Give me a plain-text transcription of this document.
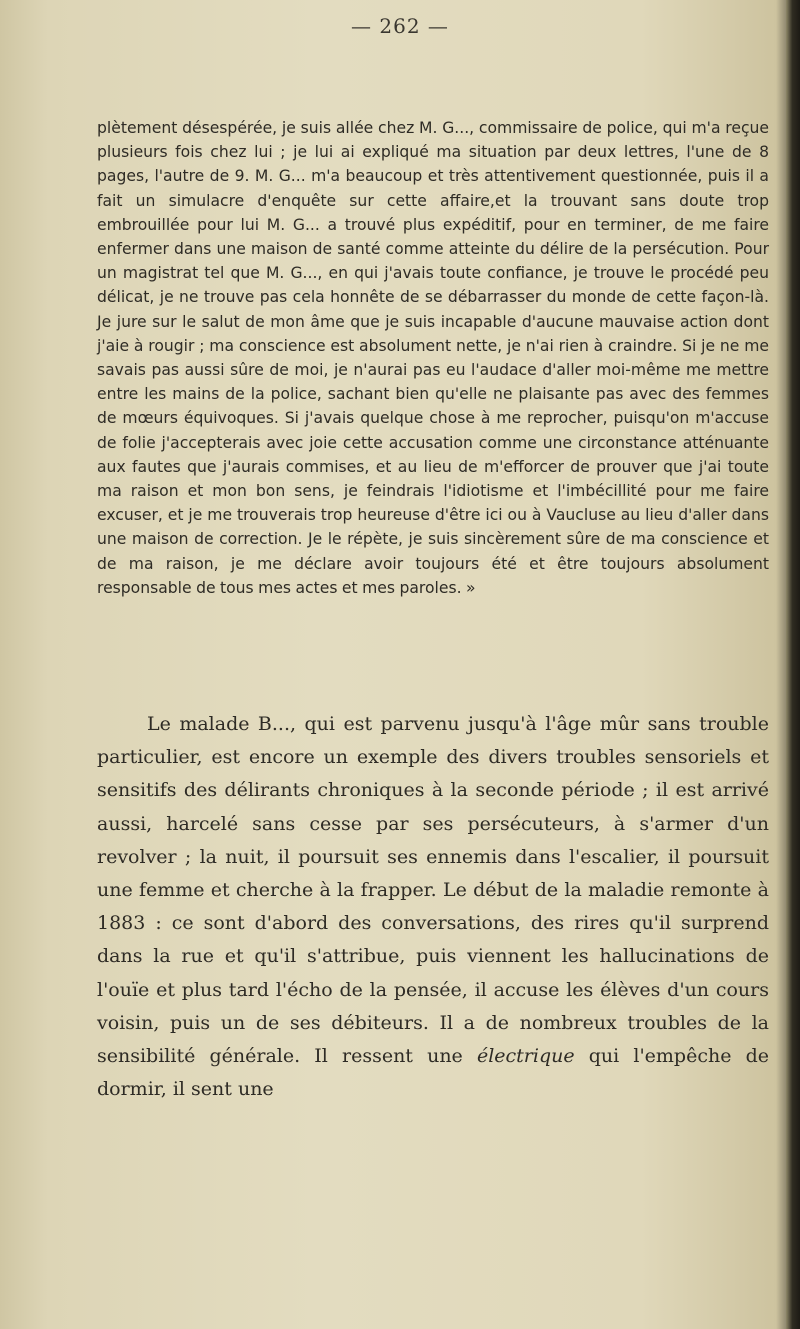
— 262 —

plètement désespérée, je suis allée chez M. G..., commissaire de police, qui m'a reçue plusieurs fois chez lui ; je lui ai expliqué ma situation par deux lettres, l'une de 8 pages, l'autre de 9. M. G... m'a beaucoup et très attentivement questionnée, puis il a fait un simulacre d'enquête sur cette affaire,et la trouvant sans doute trop embrouillée pour lui M. G... a trouvé plus expéditif, pour en terminer, de me faire enfermer dans une maison de santé comme atteinte du délire de la persécution. Pour un magistrat tel que M. G..., en qui j'avais toute confiance, je trouve le procédé peu délicat, je ne trouve pas cela honnête de se débarrasser du monde de cette façon-là. Je jure sur le salut de mon âme que je suis incapable d'aucune mauvaise action dont j'aie à rougir ; ma conscience est absolument nette, je n'ai rien à craindre. Si je ne me savais pas aussi sûre de moi, je n'aurai pas eu l'audace d'aller moi-même me mettre entre les mains de la police, sachant bien qu'elle ne plaisante pas avec des femmes de mœurs équivoques. Si j'avais quelque chose à me reprocher, puisqu'on m'accuse de folie j'accepterais avec joie cette accusation comme une circonstance atténuante aux fautes que j'aurais commises, et au lieu de m'efforcer de prouver que j'ai toute ma raison et mon bon sens, je feindrais l'idiotisme et l'imbécillité pour me faire excuser, et je me trouverais trop heureuse d'être ici ou à Vaucluse au lieu d'aller dans une maison de correction. Je le répète, je suis sincèrement sûre de ma conscience et de ma raison, je me déclare avoir toujours été et être toujours absolument responsable de tous mes actes et mes paroles. »

Le malade B..., qui est parvenu jusqu'à l'âge mûr sans trouble particulier, est encore un exemple des divers troubles sensoriels et sensitifs des délirants chroniques à la seconde période ; il est arrivé aussi, harcelé sans cesse par ses persécuteurs, à s'armer d'un revolver ; la nuit, il poursuit ses ennemis dans l'escalier, il poursuit une femme et cherche à la frapper. Le début de la maladie remonte à 1883 : ce sont d'abord des conversations, des rires qu'il surprend dans la rue et qu'il s'attribue, puis viennent les hallucinations de l'ouïe et plus tard l'écho de la pensée, il accuse les élèves d'un cours voisin, puis un de ses débiteurs. Il a de nombreux troubles de la sensibilité générale. Il ressent une électrique qui l'empêche de dormir, il sent une
